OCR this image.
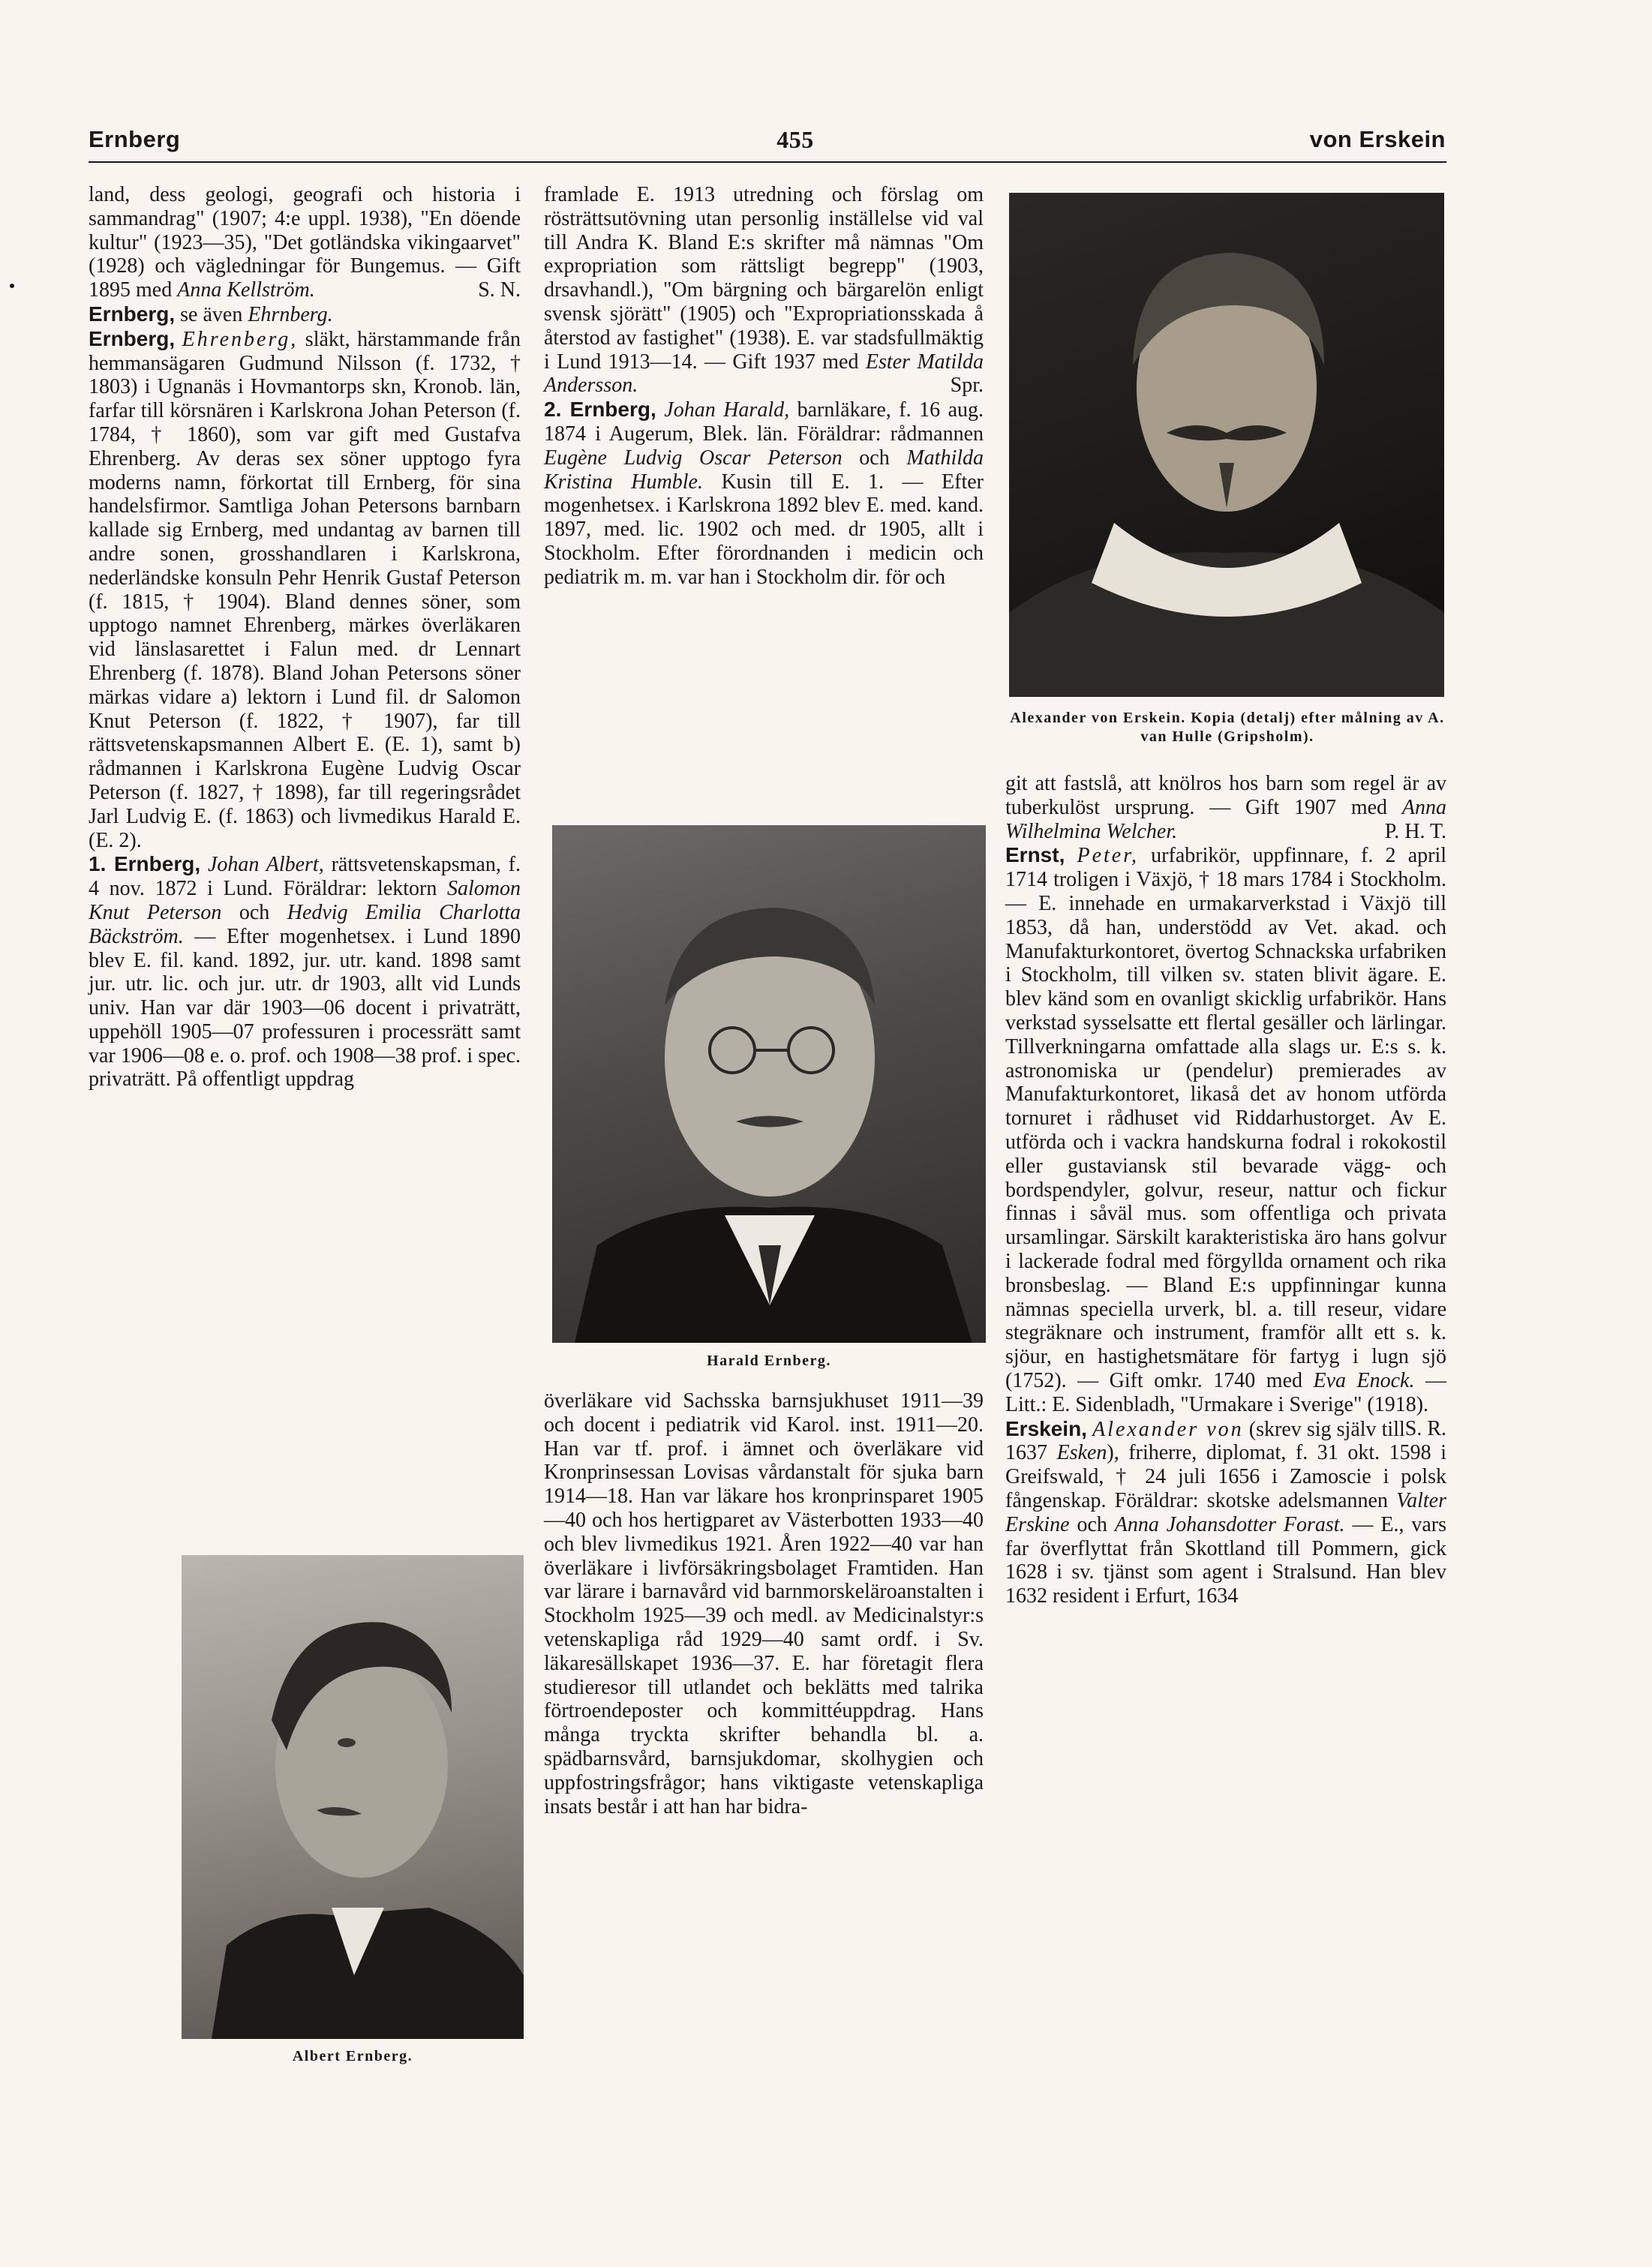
Ernberg	455	von Erskein

land, dess geologi, geografi och historia i sammandrag" (1907; 4:e uppl. 1938), "En döende kultur" (1923—35), "Det gotländska vikingaarvet" (1928) och vägledningar för Bungemus. — Gift 1895 med Anna Kellström.	S. N.

Ernberg, se även Ehrnberg.

Ernberg, Ehrenberg, släkt, härstammande från hemmansägaren Gudmund Nilsson (f. 1732, † 1803) i Ugnanäs i Hovmantorps skn, Kronob. län, farfar till körsnären i Karlskrona Johan Peterson (f. 1784, † 1860), som var gift med Gustafva Ehrenberg. Av deras sex söner upptogo fyra moderns namn, förkortat till Ernberg, för sina handelsfirmor. Samtliga Johan Petersons barnbarn kallade sig Ernberg, med undantag av barnen till andre sonen, grosshandlaren i Karlskrona, nederländske konsuln Pehr Henrik Gustaf Peterson (f. 1815, † 1904). Bland dennes söner, som upptogo namnet Ehrenberg, märkes överläkaren vid länslasarettet i Falun med. dr Lennart Ehrenberg (f. 1878). Bland Johan Petersons söner märkas vidare a) lektorn i Lund fil. dr Salomon Knut Peterson (f. 1822, † 1907), far till rättsvetenskapsmannen Albert E. (E. 1), samt b) rådmannen i Karlskrona Eugène Ludvig Oscar Peterson (f. 1827, † 1898), far till regeringsrådet Jarl Ludvig E. (f. 1863) och livmedikus Harald E. (E. 2).

1. Ernberg, Johan Albert, rättsvetenskapsman, f. 4 nov. 1872 i Lund. Föräldrar: lektorn Salomon Knut Peterson och Hedvig Emilia Charlotta Bäckström. — Efter mogenhetsex. i Lund 1890 blev E. fil. kand. 1892, jur. utr. kand. 1898 samt jur. utr. lic. och jur. utr. dr 1903, allt vid Lunds univ. Han var där 1903—06 docent i privaträtt, uppehöll 1905—07 professuren i processrätt samt var 1906—08 e. o. prof. och 1908—38 prof. i spec. privaträtt. På offentligt uppdrag

Albert Ernberg.

framlade E. 1913 utredning och förslag om rösträttsutövning utan personlig inställelse vid val till Andra K. Bland E:s skrifter må nämnas "Om expropriation som rättsligt begrepp" (1903, drsavhandl.), "Om bärgning och bärgarelön enligt svensk sjörätt" (1905) och "Expropriationsskada å återstod av fastighet" (1938). E. var stadsfullmäktig i Lund 1913—14. — Gift 1937 med Ester Matilda Andersson.	Spr.

2. Ernberg, Johan Harald, barnläkare, f. 16 aug. 1874 i Augerum, Blek. län. Föräldrar: rådmannen Eugène Ludvig Oscar Peterson och Mathilda Kristina Humble. Kusin till E. 1. — Efter mogenhetsex. i Karlskrona 1892 blev E. med. kand. 1897, med. lic. 1902 och med. dr 1905, allt i Stockholm. Efter förordnanden i medicin och pediatrik m. m. var han i Stockholm dir. för och

Harald Ernberg.

överläkare vid Sachsska barnsjukhuset 1911—39 och docent i pediatrik vid Karol. inst. 1911—20. Han var tf. prof. i ämnet och överläkare vid Kronprinsessan Lovisas vårdanstalt för sjuka barn 1914—18. Han var läkare hos kronprinsparet 1905—40 och hos hertigparet av Västerbotten 1933—40 och blev livmedikus 1921. Åren 1922—40 var han överläkare i livförsäkringsbolaget Framtiden. Han var lärare i barnavård vid barnmorskeläroanstalten i Stockholm 1925—39 och medl. av Medicinalstyr:s vetenskapliga råd 1929—40 samt ordf. i Sv. läkaresällskapet 1936—37. E. har företagit flera studieresor till utlandet och beklätts med talrika förtroendeposter och kommittéuppdrag. Hans många tryckta skrifter behandla bl. a. spädbarnsvård, barnsjukdomar, skolhygien och uppfostringsfrågor; hans viktigaste vetenskapliga insats består i att han har bidra-

Alexander von Erskein. Kopia (detalj) efter målning av A. van Hulle (Gripsholm).

git att fastslå, att knölros hos barn som regel är av tuberkulöst ursprung. — Gift 1907 med Anna Wilhelmina Welcher.	P. H. T.

Ernst, Peter, urfabrikör, uppfinnare, f. 2 april 1714 troligen i Växjö, † 18 mars 1784 i Stockholm. — E. innehade en urmakarverkstad i Växjö till 1853, då han, understödd av Vet. akad. och Manufakturkontoret, övertog Schnackska urfabriken i Stockholm, till vilken sv. staten blivit ägare. E. blev känd som en ovanligt skicklig urfabrikör. Hans verkstad sysselsatte ett flertal gesäller och lärlingar. Tillverkningarna omfattade alla slags ur. E:s s. k. astronomiska ur (pendelur) premierades av Manufakturkontoret, likaså det av honom utförda tornuret i rådhuset vid Riddarhustorget. Av E. utförda och i vackra handskurna fodral i rokokostil eller gustaviansk stil bevarade vägg- och bordspendyler, golvur, reseur, nattur och fickur finnas i såväl mus. som offentliga och privata ursamlingar. Särskilt karakteristiska äro hans golvur i lackerade fodral med förgyllda ornament och rika bronsbeslag. — Bland E:s uppfinningar kunna nämnas speciella urverk, bl. a. till reseur, vidare stegräknare och instrument, framför allt ett s. k. sjöur, en hastighetsmätare för fartyg i lugn sjö (1752). — Gift omkr. 1740 med Eva Enock. — Litt.: E. Sidenbladh, "Urmakare i Sverige" (1918).
S. R.

Erskein, Alexander von (skrev sig själv till 1637 Esken), friherre, diplomat, f. 31 okt. 1598 i Greifswald, † 24 juli 1656 i Zamoscie i polsk fångenskap. Föräldrar: skotske adelsmannen Valter Erskine och Anna Johansdotter Forast. — E., vars far överflyttat från Skottland till Pommern, gick 1628 i sv. tjänst som agent i Stralsund. Han blev 1632 resident i Erfurt, 1634
